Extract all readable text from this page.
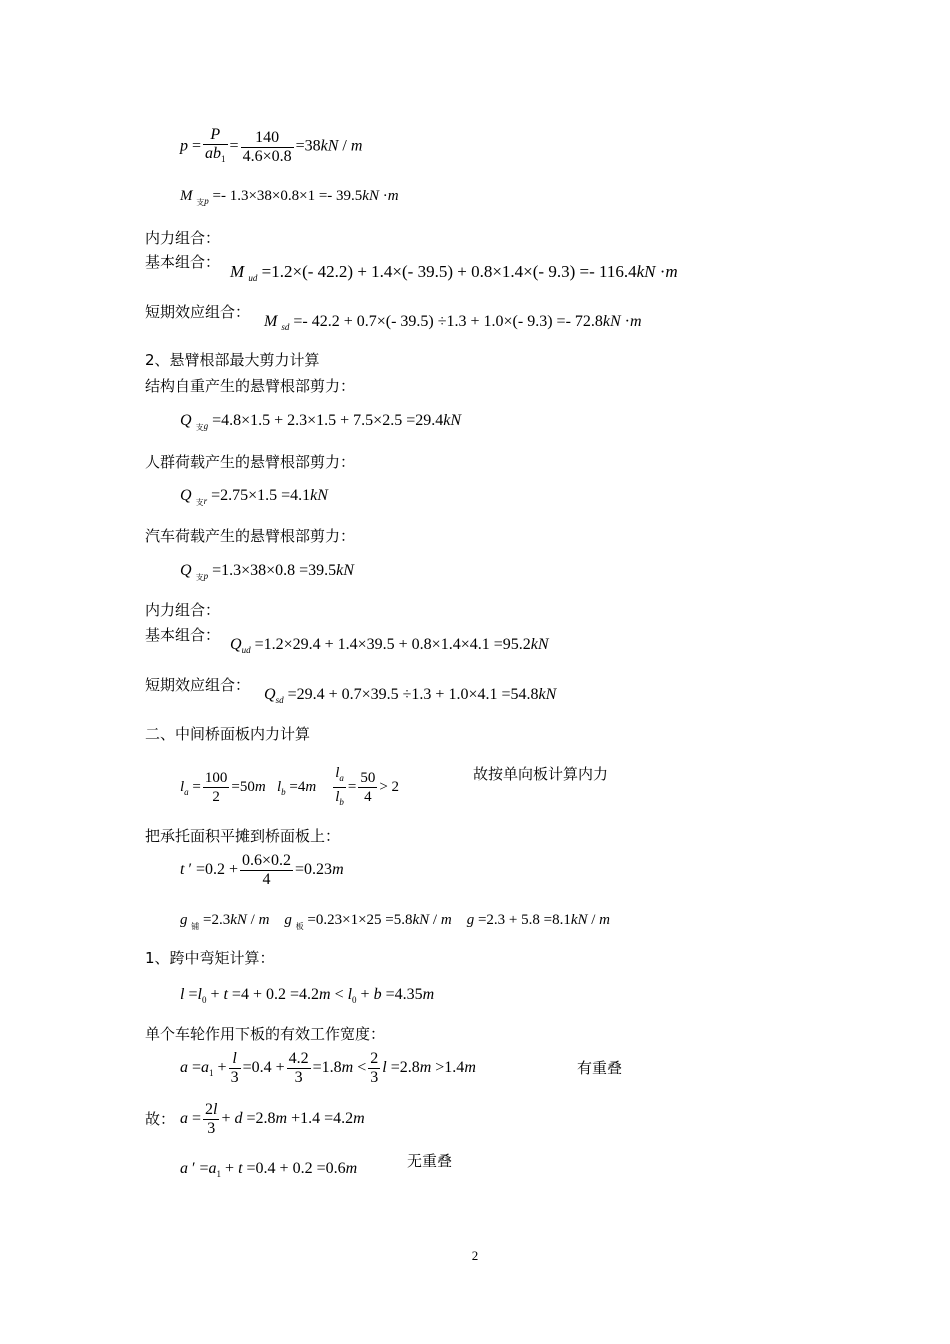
$p = \frac{P}{ab_1} = \frac{140}{4.6\times 0.8} =38kN / m$
M $_{支p}$ =- 1.3×38×0.8×1 =- 39.5kN ·m
内力组合：
基本组合： M $_{ud}$ =1.2×(- 42.2) + 1.4×(- 39.5) + 0.8×1.4×(- 9.3) =- 116.4kN ·m
短期效应组合：
M $_{sd}$ =- 42.2 + 0.7×(- 39.5) ÷1.3 + 1.0×(- 9.3) =- 72.8kN ·m
2、悬臂根部最大剪力计算
结构自重产生的悬臂根部剪力：
Q $_{支g}$ =4.8×1.5 + 2.3×1.5 + 7.5×2.5 =29.4kN
人群荷载产生的悬臂根部剪力：
Q $_{支r}$ =2.75×1.5 =4.1kN
汽车荷载产生的悬臂根部剪力：
Q $_{支p}$ =1.3×38×0.8 =39.5kN
内力组合：
基本组合：
$Q_{ud} =1.2\times 29.4 + 1.4\times 39.5 + 0.8\times 1.4\times 4.1 =95.2kN$
短期效应组合：
$Q_{sd} =29.4 + 0.7\times 39.5 \div 1.3 + 1.0\times 4.1 =54.8kN$
二、中间桥面板内力计算
$l_a = \frac{100}{2} =50m$ $l_b =4m \frac{l_a}{l_b} = \frac{50}{4} > 2$
故按单向板计算内力
把承托面积平摊到桥面板上：
t ′ $=0.2 + \frac{0.6\times 0.2}{4} =0.23m$
g $_铺$ =2.3kN / m g $_板$ =0.23×1×25 =5.8kN / m g =2.3 + 5.8 =8.1kN / m
1、跨中弯矩计算：
$l =l_0 + t =4 + 0.2 =4.2m < l_0 + b =4.35m$
单个车轮作用下板的有效工作宽度：
$a =a_1 + \frac{l}{3} =0.4 + \frac{4.2}{3} =1.8m < \frac{2}{3}$ l =2.8m >1.4m	有重叠
故： $a = \frac{2l}{3} + d =2.8m +1.4 =4.2m$
a ′ $=a_1 + t =0.4 + 0.2 =0.6m$	无重叠
2
